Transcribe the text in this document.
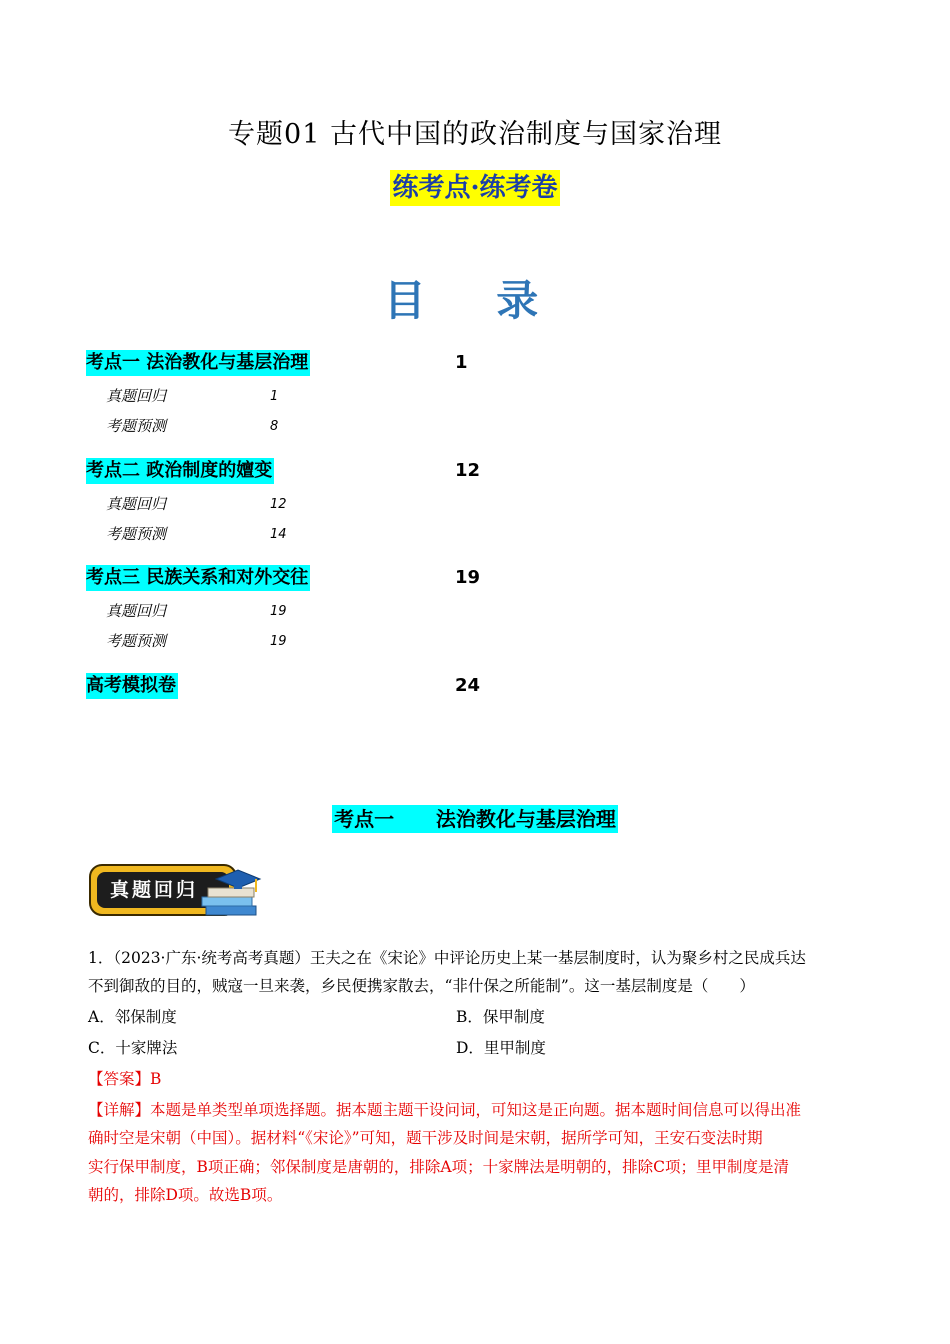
专题01 古代中国的政治制度与国家治理
练考点·练考卷
目 录
考点一 法治教化与基层治理	1
真题回归	1
考题预测	8
考点二 政治制度的嬗变	12
真题回归	12
考题预测	14
考点三 民族关系和对外交往	19
真题回归	19
考题预测	19
高考模拟卷	24
考点一      法治教化与基层治理
真题回归
1．（2023·广东·统考高考真题）王夫之在《宋论》中评论历史上某一基层制度时，认为聚乡村之民成兵达
不到御敌的目的，贼寇一旦来袭，乡民便携家散去，“非什保之所能制”。这一基层制度是（　　）
A．邻保制度	B．保甲制度
C．十家牌法	D．里甲制度
【答案】B
【详解】本题是单类型单项选择题。据本题主题干设问词，可知这是正向题。据本题时间信息可以得出准
确时空是宋朝（中国）。据材料“《宋论》”可知，题干涉及时间是宋朝，据所学可知，王安石变法时期
实行保甲制度，B项正确；邻保制度是唐朝的，排除A项；十家牌法是明朝的，排除C项；里甲制度是清
朝的，排除D项。故选B项。
